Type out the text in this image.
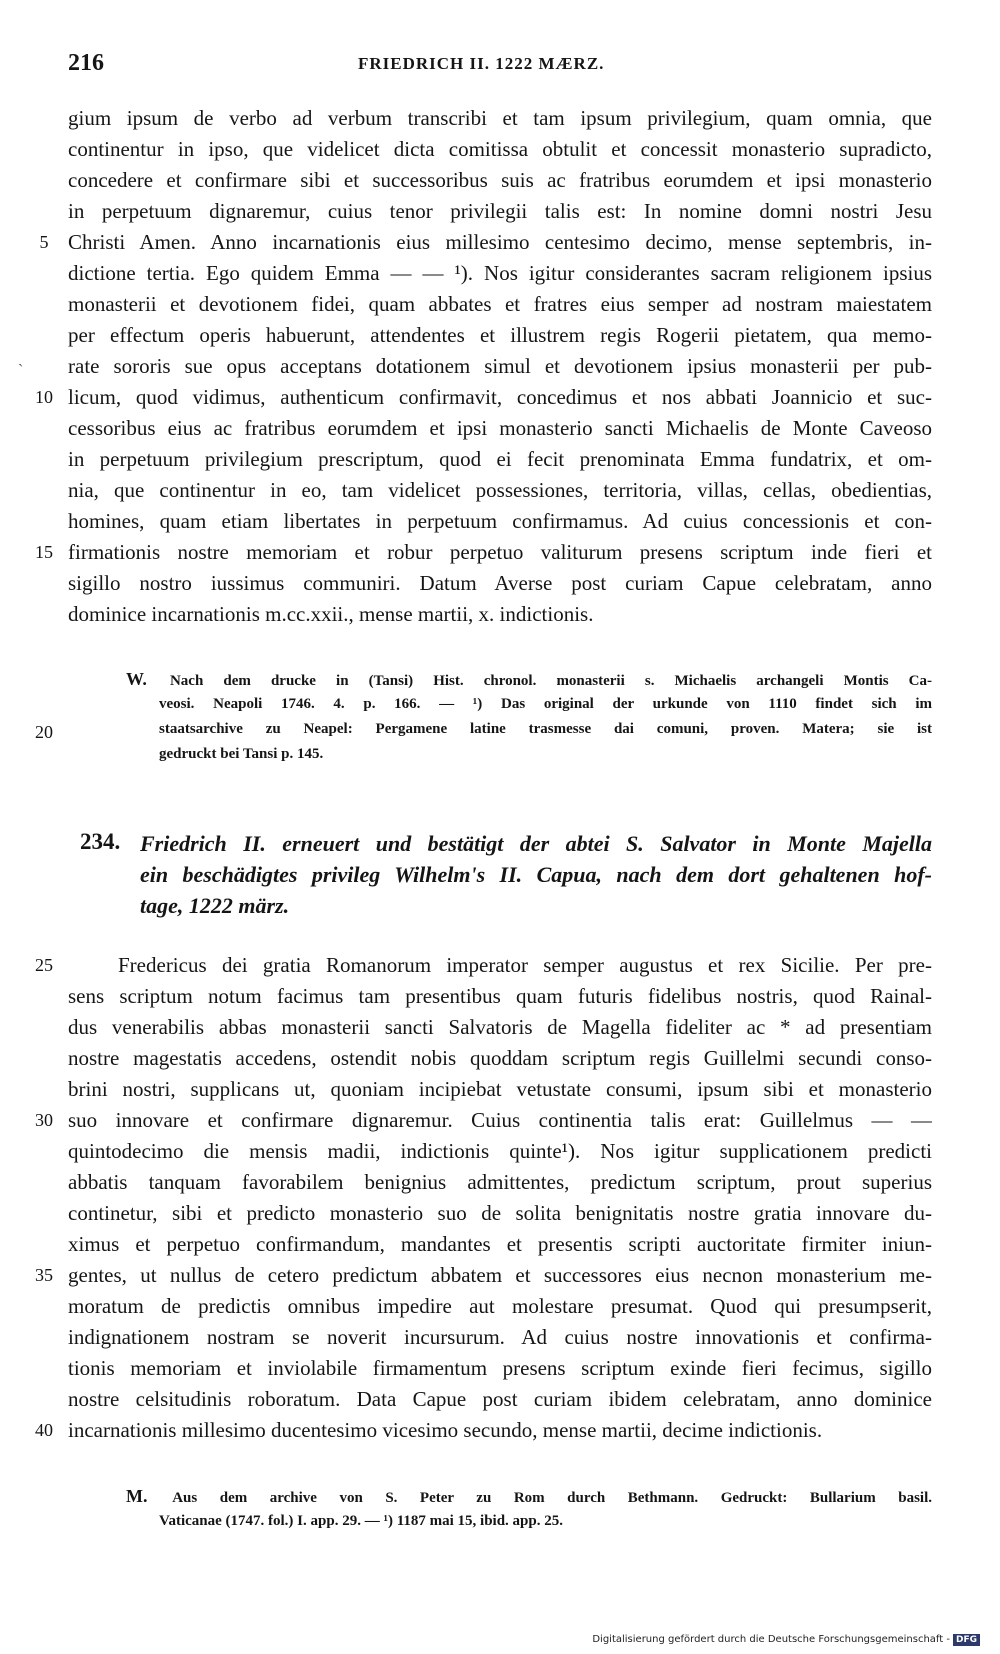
216	FRIEDRICH II. 1222 MÆRZ.
gium ipsum de verbo ad verbum transcribi et tam ipsum privilegium, quam omnia, que
continentur in ipso, que videlicet dicta comitissa obtulit et concessit monasterio supradicto,
concedere et confirmare sibi et successoribus suis ac fratribus eorumdem et ipsi monasterio
in perpetuum dignaremur, cuius tenor privilegii talis est: In nomine domni nostri Jesu
Christi Amen. Anno incarnationis eius millesimo centesimo decimo, mense septembris, in-
dictione tertia. Ego quidem Emma — — ¹). Nos igitur considerantes sacram religionem ipsius
monasterii et devotionem fidei, quam abbates et fratres eius semper ad nostram maiestatem
per effectum operis habuerunt, attendentes et illustrem regis Rogerii pietatem, qua memo-
rate sororis sue opus acceptans dotationem simul et devotionem ipsius monasterii per pub-
licum, quod vidimus, authenticum confirmavit, concedimus et nos abbati Joannicio et suc-
cessoribus eius ac fratribus eorumdem et ipsi monasterio sancti Michaelis de Monte Caveoso
in perpetuum privilegium prescriptum, quod ei fecit prenominata Emma fundatrix, et om-
nia, que continentur in eo, tam videlicet possessiones, territoria, villas, cellas, obedientias,
homines, quam etiam libertates in perpetuum confirmamus. Ad cuius concessionis et con-
firmationis nostre memoriam et robur perpetuo valiturum presens scriptum inde fieri et
sigillo nostro iussimus communiri. Datum Averse post curiam Capue celebratam, anno
dominice incarnationis m.cc.xxii., mense martii, x. indictionis.
`
W. Nach dem drucke in (Tansi) Hist. chronol. monasterii s. Michaelis archangeli Montis Ca-
veosi. Neapoli 1746. 4. p. 166. — ¹) Das original der urkunde von 1110 findet sich im
staatsarchive zu Neapel: Pergamene latine trasmesse dai comuni, proven. Matera; sie ist
gedruckt bei Tansi p. 145.
234. Friedrich II. erneuert und bestätigt der abtei S. Salvator in Monte Majella
ein beschädigtes privileg Wilhelm's II. Capua, nach dem dort gehaltenen hof-
tage, 1222 märz.
Fredericus dei gratia Romanorum imperator semper augustus et rex Sicilie. Per pre-
sens scriptum notum facimus tam presentibus quam futuris fidelibus nostris, quod Rainal-
dus venerabilis abbas monasterii sancti Salvatoris de Magella fideliter ac * ad presentiam
nostre magestatis accedens, ostendit nobis quoddam scriptum regis Guillelmi secundi conso-
brini nostri, supplicans ut, quoniam incipiebat vetustate consumi, ipsum sibi et monasterio
suo innovare et confirmare dignaremur. Cuius continentia talis erat: Guillelmus — —
quintodecimo die mensis madii, indictionis quinte¹). Nos igitur supplicationem predicti
abbatis tanquam favorabilem benignius admittentes, predictum scriptum, prout superius
continetur, sibi et predicto monasterio suo de solita benignitatis nostre gratia innovare du-
ximus et perpetuo confirmandum, mandantes et presentis scripti auctoritate firmiter iniun-
gentes, ut nullus de cetero predictum abbatem et successores eius necnon monasterium me-
moratum de predictis omnibus impedire aut molestare presumat. Quod qui presumpserit,
indignationem nostram se noverit incursurum. Ad cuius nostre innovationis et confirma-
tionis memoriam et inviolabile firmamentum presens scriptum exinde fieri fecimus, sigillo
nostre celsitudinis roboratum. Data Capue post curiam ibidem celebratam, anno dominice
incarnationis millesimo ducentesimo vicesimo secundo, mense martii, decime indictionis.
M. Aus dem archive von S. Peter zu Rom durch Bethmann. Gedruckt: Bullarium basil.
Vaticanae (1747. fol.) I. app. 29. — ¹) 1187 mai 15, ibid. app. 25.
5
10
15
20
25
30
35
40
Digitalisierung gefördert durch die Deutsche Forschungsgemeinschaft - DFG
